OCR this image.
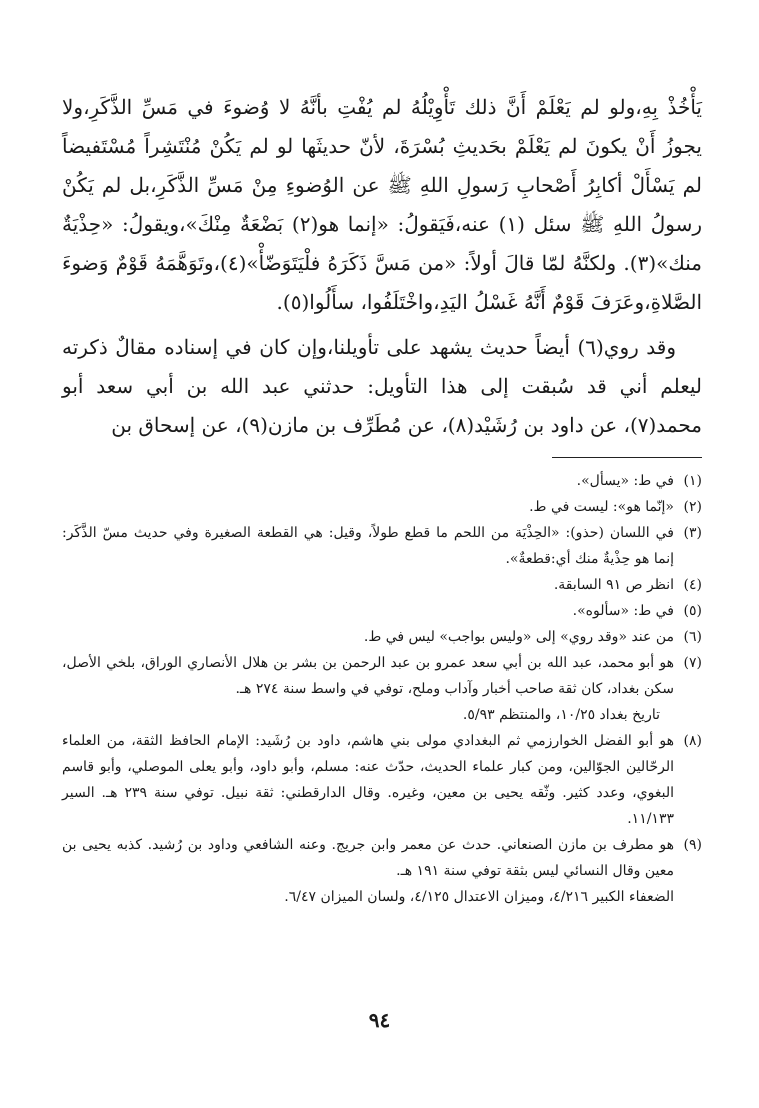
يَأْخُذْ بِهِ،ولو لم يَعْلَمْ أَنَّ ذلك تَأْوِيْلُهُ لم يُفْتِ بأنَّهُ لا وُضوءَ في مَسِّ الذَّكَرِ،ولا يجوزُ أَنْ يكونَ لم يَعْلَمْ بحَديثِ بُسْرَةَ، لأنّ حديثَها لو لم يَكُنْ مُنْتَشِراً مُسْتَفيضاً لم يَسْأَلْ أكابِرُ أَصْحابِ رَسولِ اللهِ ﷺ عن الوُضوءِ مِنْ مَسِّ الذَّكَرِ،بل لم يَكُنْ رسولُ اللهِ ﷺ سئل (١) عنه،فَيَقولُ: «إنما هو(٢) بَضْعَةٌ مِنْكَ»،ويقولُ: «حِذْيَةٌ منك»(٣). ولكنَّهُ لمّا قالَ أولاً: «من مَسَّ ذَكَرَهُ فلْيَتَوَضّأْ»(٤)،وتَوَهَّمَهُ قَوْمٌ وَضوءَ الصَّلاةِ،وعَرَفَ قَوْمٌ أَنَّهُ غَسْلُ اليَدِ،واخْتَلَفُوا، سأَلُوا(٥).

وقد روي(٦) أيضاً حديث يشهد على تأويلنا،وإن كان في إسناده مقالٌ ذكرته ليعلم أني قد سُبقت إلى هذا التأويل: حدثني عبد الله بن أبي سعد أبو محمد(٧)، عن داود بن رُشَيْد(٨)، عن مُطَرِّف بن مازن(٩)، عن إسحاق بن

(١)
في ط: «يسأل».
(٢)
«إنّما هو»: ليست في ط.
(٣)
في اللسان (حذو): «الحِذْيَة من اللحم ما قطع طولاً، وقيل: هي القطعة الصغيرة وفي حديث مسّ الذَّكَر: إنما هو حِذْيةٌ منك أي:قطعةٌ».
(٤)
انظر ص ٩١ السابقة.
(٥)
في ط: «سألوه».
(٦)
من عند «وقد روي» إلى «وليس بواجب» ليس في ط.
(٧)
هو أبو محمد، عبد الله بن أبي سعد عمرو بن عبد الرحمن بن بشر بن هلال الأنصاري الوراق، بلخي الأصل، سكن بغداد، كان ثقة صاحب أخبار وآداب وملح، توفي في واسط سنة ٢٧٤ هـ.

تاريخ بغداد ١٠/٢٥، والمنتظم ٥/٩٣.

(٨)
هو أبو الفضل الخوارزمي ثم البغدادي مولى بني هاشم، داود بن رُشَيد: الإمام الحافظ الثقة، من العلماء الرحّالين الجوّالين، ومن كبار علماء الحديث، حدّث عنه: مسلم، وأبو داود، وأبو يعلى الموصلي، وأبو قاسم البغوي، وعدد كثير. وثّقه يحيى بن معين، وغيره. وقال الدارقطني: ثقة نبيل. توفي سنة ٢٣٩ هـ. السير ١١/١٣٣.
(٩)
هو مطرف بن مازن الصنعاني. حدث عن معمر وابن جريج. وعنه الشافعي وداود بن رُشيد. كذبه يحيى بن معين وقال النسائي ليس بثقة توفي سنة ١٩١ هـ.

الضعفاء الكبير ٤/٢١٦، وميزان الاعتدال ٤/١٢٥، ولسان الميزان ٦/٤٧.

٩٤
